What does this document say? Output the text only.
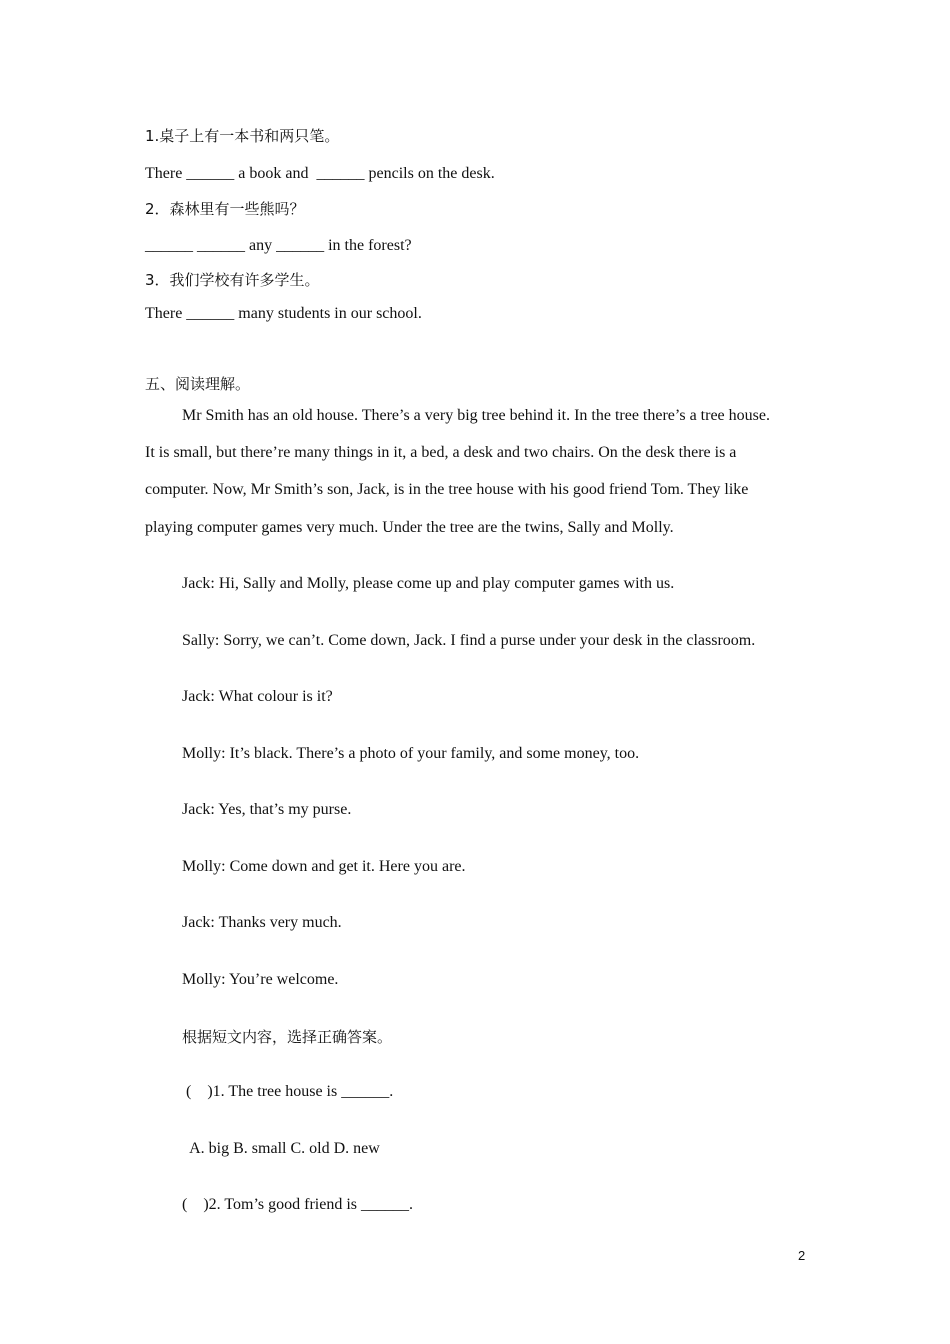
1.桌子上有一本书和两只笔。
There ______ a book and  ______ pencils on the desk.
2．森林里有一些熊吗？
______ ______ any ______ in the forest?
3．我们学校有许多学生。
There ______ many students in our school.
五、阅读理解。
Mr Smith has an old house. There’s a very big tree behind it. In the tree there’s a tree house.
It is small, but there’re many things in it, a bed, a desk and two chairs. On the desk there is a
computer. Now, Mr Smith’s son, Jack, is in the tree house with his good friend Tom. They like
playing computer games very much. Under the tree are the twins, Sally and Molly.
Jack: Hi, Sally and Molly, please come up and play computer games with us.
Sally: Sorry, we can’t. Come down, Jack. I find a purse under your desk in the classroom.
Jack: What colour is it?
Molly: It’s black. There’s a photo of your family, and some money, too.
Jack: Yes, that’s my purse.
Molly: Come down and get it. Here you are.
Jack: Thanks very much.
Molly: You’re welcome.
根据短文内容，选择正确答案。
(    )1. The tree house is ______.
A. big B. small C. old D. new
(    )2. Tom’s good friend is ______.
2
